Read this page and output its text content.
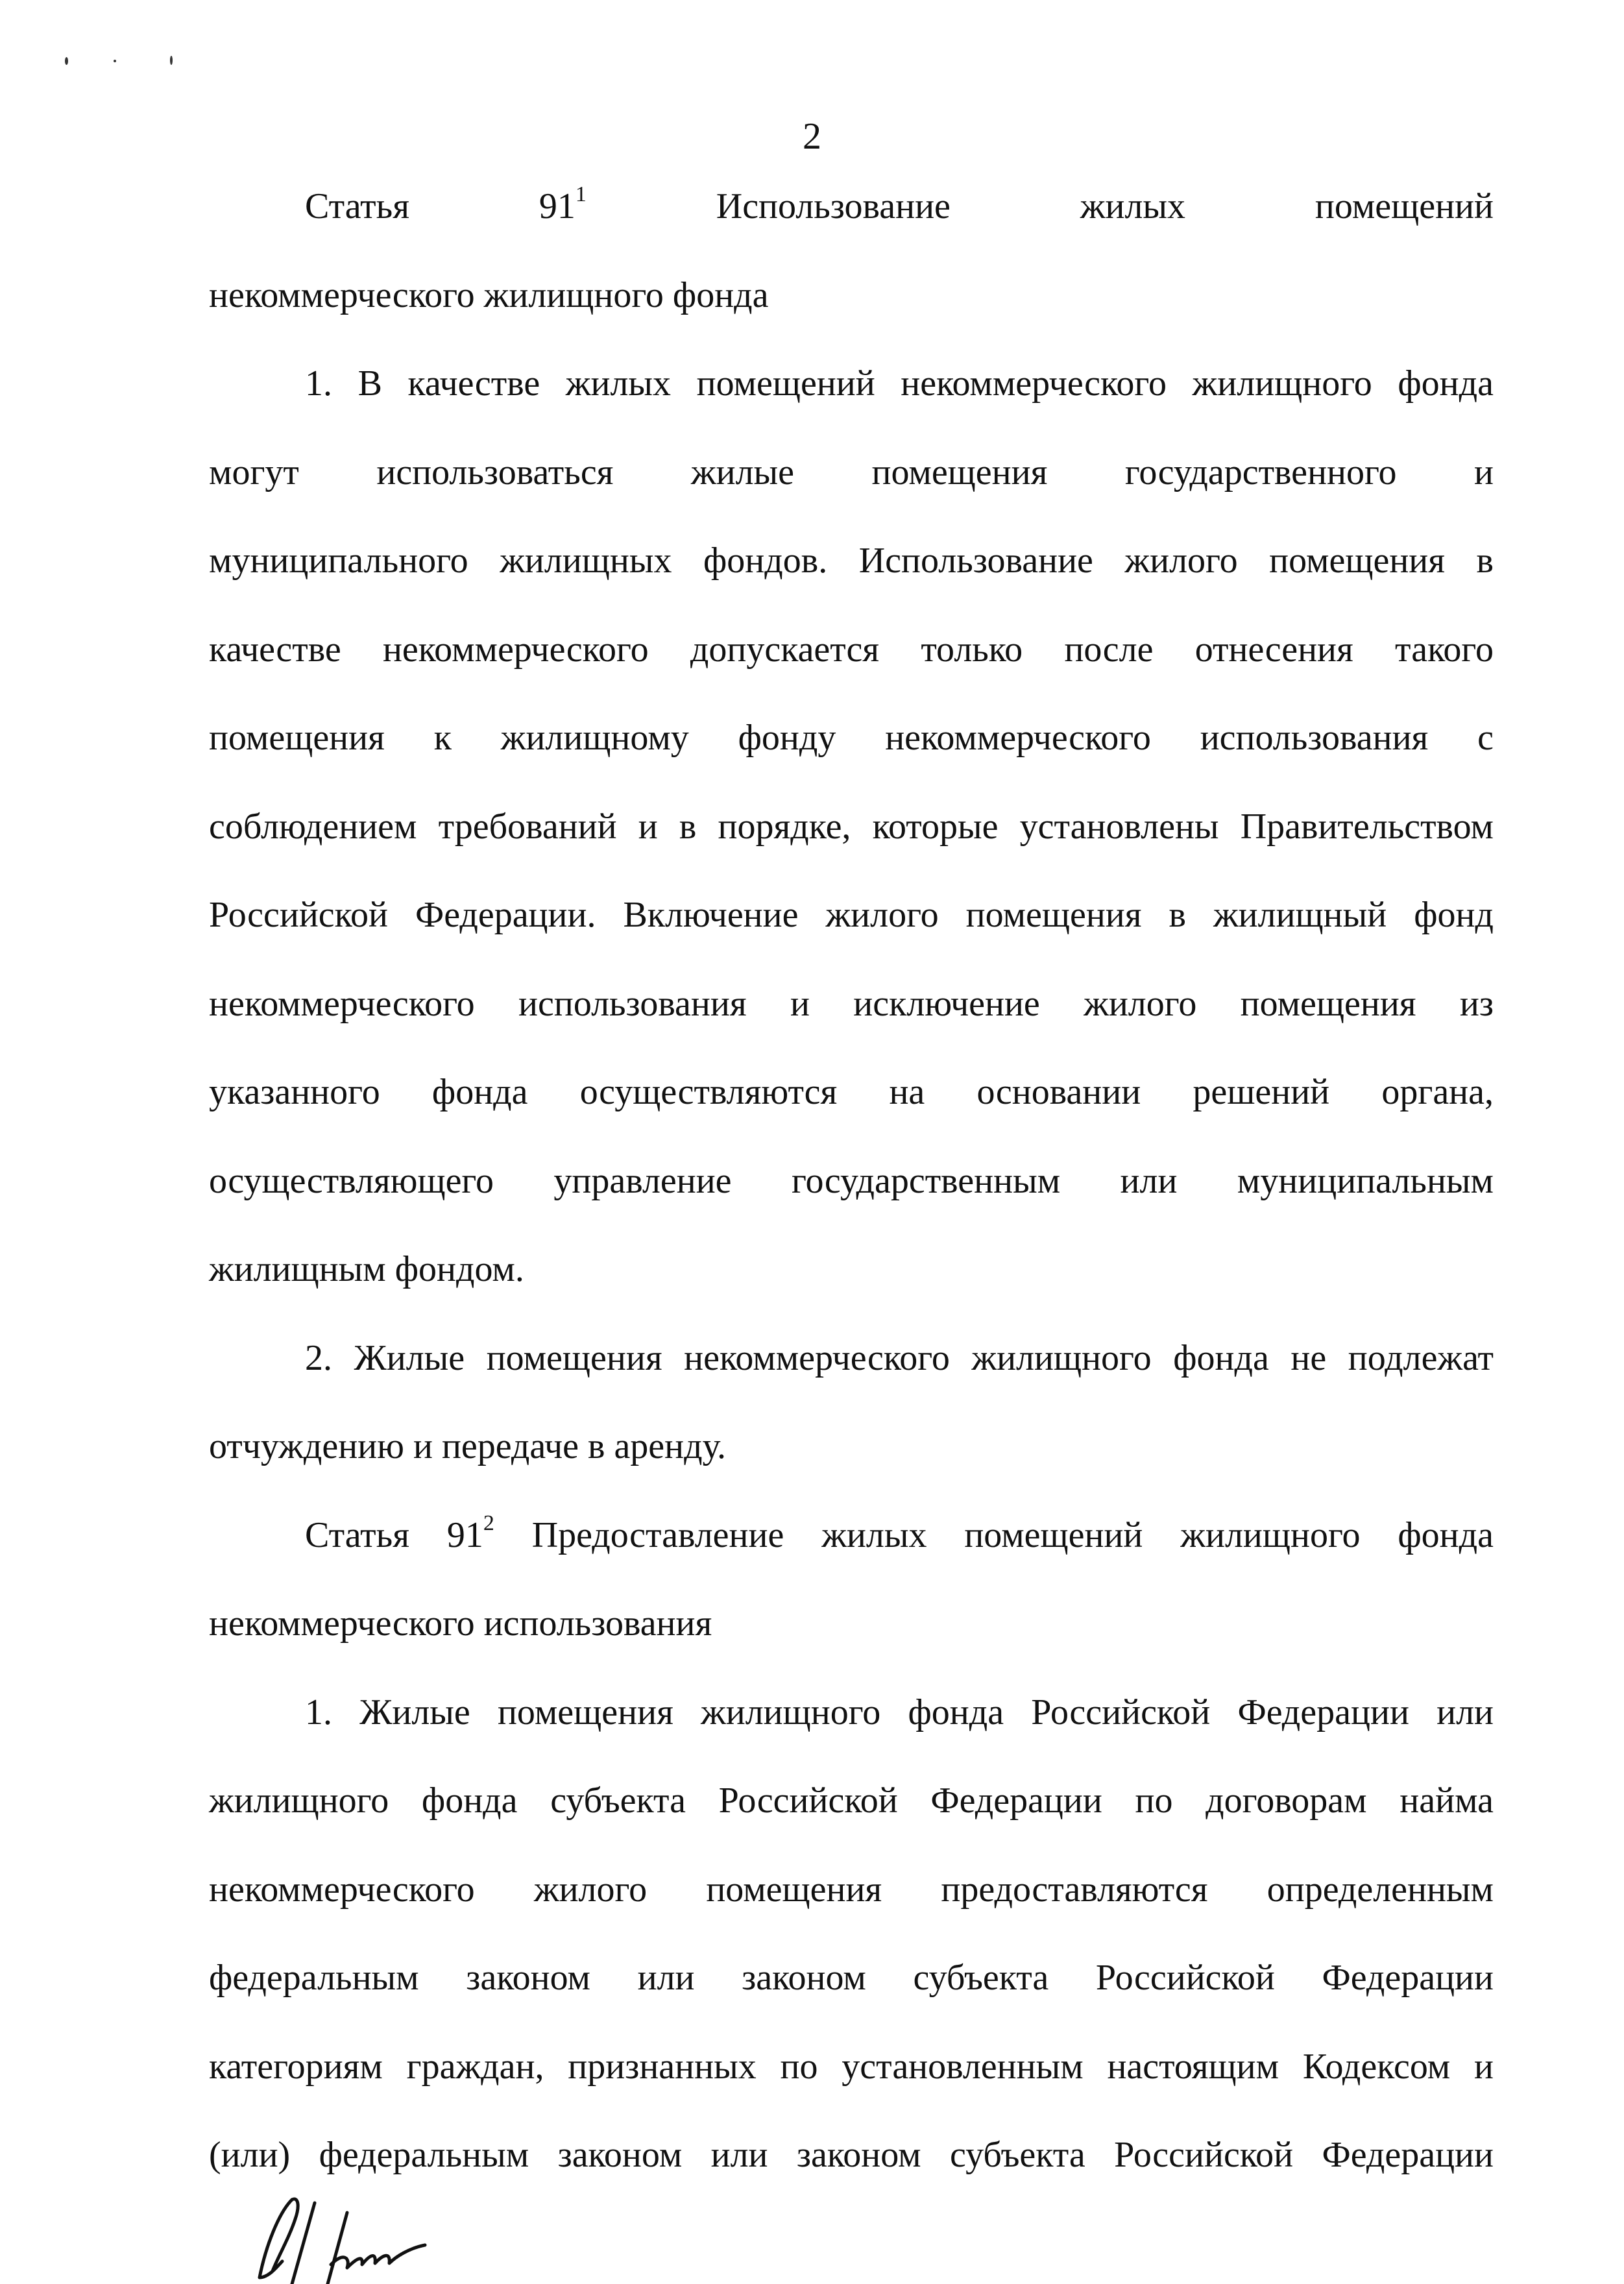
2
Статья $91^1$	Использование жилых помещений
некоммерческого жилищного фонда
1. В качестве жилых помещений некоммерческого жилищного фонда
могут использоваться жилые помещения государственного и
муниципального жилищных фондов. Использование жилого помещения в
качестве некоммерческого допускается только после отнесения такого
помещения к жилищному фонду некоммерческого использования с
соблюдением требований и в порядке, которые установлены Правительством
Российской Федерации. Включение жилого помещения в жилищный фонд
некоммерческого использования и исключение жилого помещения из
указанного фонда осуществляются на основании решений органа,
осуществляющего управление государственным или муниципальным
жилищным фондом.
2. Жилые помещения некоммерческого жилищного фонда не подлежат
отчуждению и передаче в аренду.
Статья $91^2$ Предоставление жилых помещений жилищного фонда
некоммерческого использования
1. Жилые помещения жилищного фонда Российской Федерации или
жилищного фонда субъекта Российской Федерации по договорам найма
некоммерческого жилого помещения предоставляются определенным
федеральным законом или законом субъекта Российской Федерации
категориям граждан, признанных по установленным настоящим Кодексом и
(или) федеральным законом или законом субъекта Российской Федерации
